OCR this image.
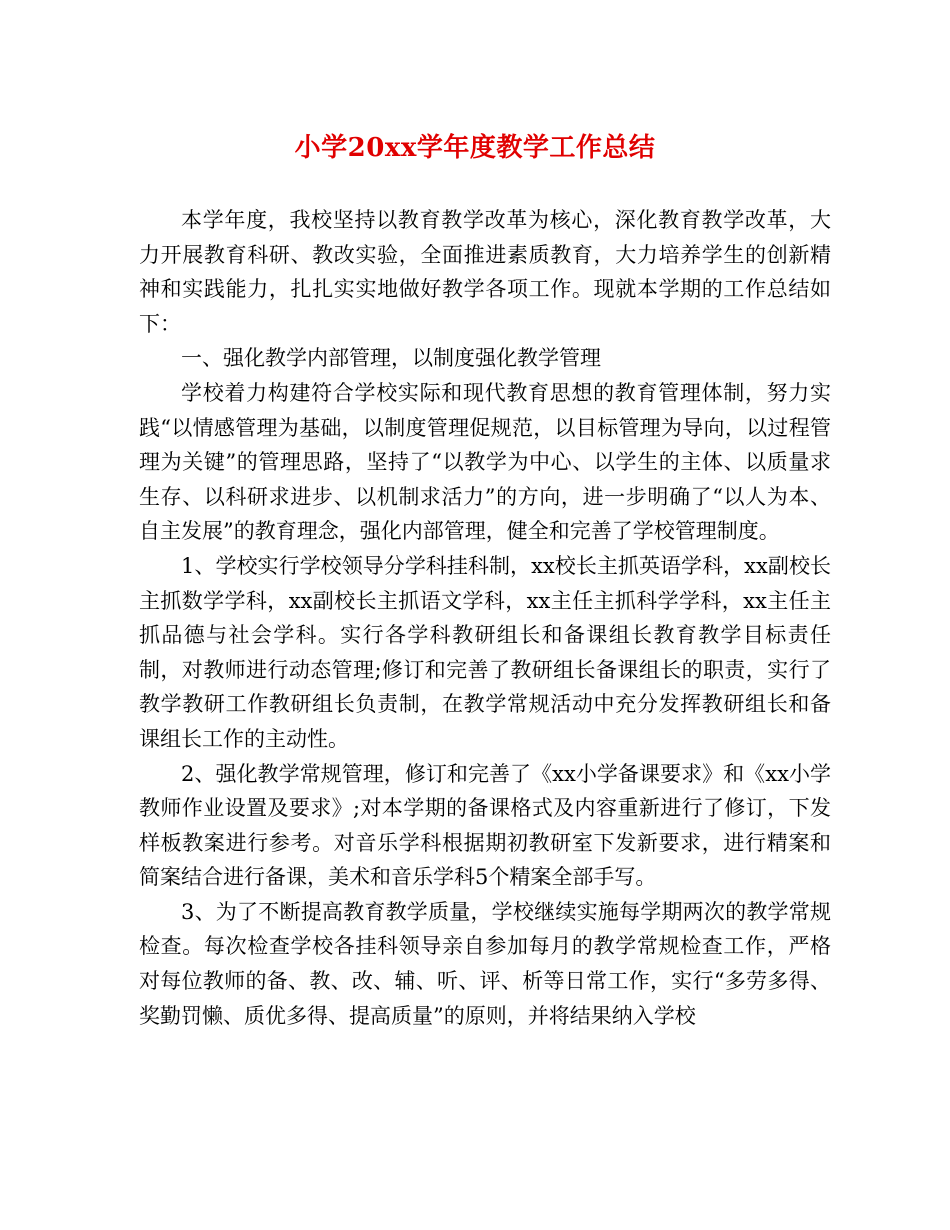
小学20xx学年度教学工作总结

本学年度，我校坚持以教育教学改革为核心，深化教育教学改革，大力开展教育科研、教改实验，全面推进素质教育，大力培养学生的创新精神和实践能力，扎扎实实地做好教学各项工作。现就本学期的工作总结如下：

一、强化教学内部管理，以制度强化教学管理

学校着力构建符合学校实际和现代教育思想的教育管理体制，努力实践“以情感管理为基础，以制度管理促规范，以目标管理为导向，以过程管理为关键”的管理思路，坚持了“以教学为中心、以学生的主体、以质量求生存、以科研求进步、以机制求活力”的方向，进一步明确了“以人为本、自主发展”的教育理念，强化内部管理，健全和完善了学校管理制度。

1、学校实行学校领导分学科挂科制，xx校长主抓英语学科，xx副校长主抓数学学科，xx副校长主抓语文学科，xx主任主抓科学学科，xx主任主抓品德与社会学科。实行各学科教研组长和备课组长教育教学目标责任制，对教师进行动态管理;修订和完善了教研组长备课组长的职责，实行了教学教研工作教研组长负责制，在教学常规活动中充分发挥教研组长和备课组长工作的主动性。

2、强化教学常规管理，修订和完善了《xx小学备课要求》和《xx小学教师作业设置及要求》;对本学期的备课格式及内容重新进行了修订，下发样板教案进行参考。对音乐学科根据期初教研室下发新要求，进行精案和简案结合进行备课，美术和音乐学科5个精案全部手写。

3、为了不断提高教育教学质量，学校继续实施每学期两次的教学常规检查。每次检查学校各挂科领导亲自参加每月的教学常规检查工作，严格对每位教师的备、教、改、辅、听、评、析等日常工作，实行“多劳多得、奖勤罚懒、质优多得、提高质量”的原则，并将结果纳入学校
